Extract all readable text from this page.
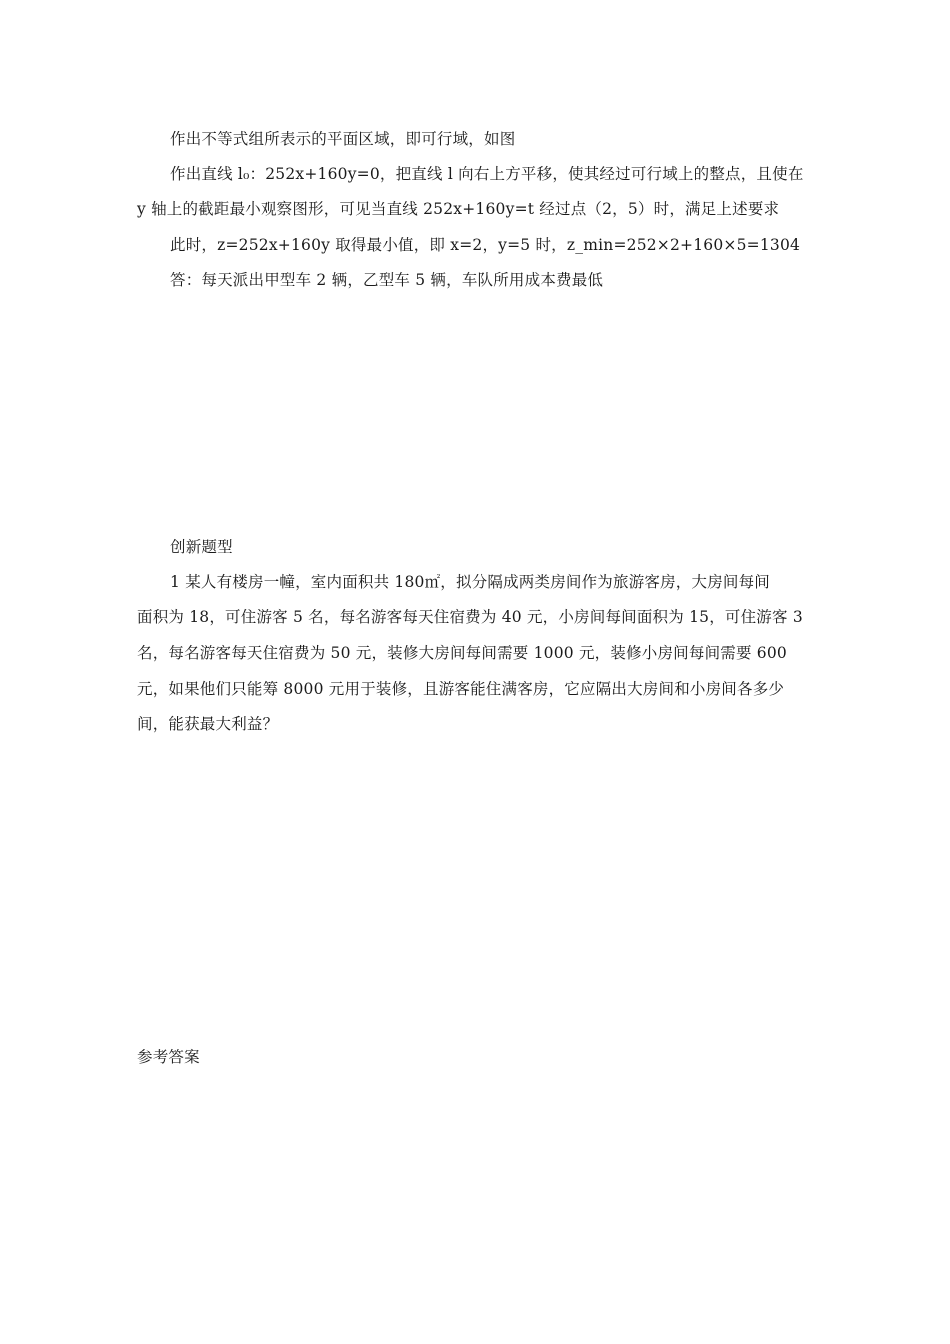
作出不等式组所表示的平面区域，即可行域，如图
作出直线 l₀：252x+160y=0，把直线 l 向右上方平移，使其经过可行域上的整点，且使在
y 轴上的截距最小观察图形，可见当直线 252x+160y=t 经过点（2，5）时，满足上述要求
此时，z=252x+160y 取得最小值，即 x=2，y=5 时，z_min=252×2+160×5=1304
答：每天派出甲型车 2 辆，乙型车 5 辆，车队所用成本费最低
创新题型
1 某人有楼房一幢，室内面积共 180㎡，拟分隔成两类房间作为旅游客房，大房间每间
面积为 18，可住游客 5 名，每名游客每天住宿费为 40 元，小房间每间面积为 15，可住游客 3
名，每名游客每天住宿费为 50 元，装修大房间每间需要 1000 元，装修小房间每间需要 600
元，如果他们只能筹 8000 元用于装修，且游客能住满客房，它应隔出大房间和小房间各多少
间，能获最大利益？
参考答案
